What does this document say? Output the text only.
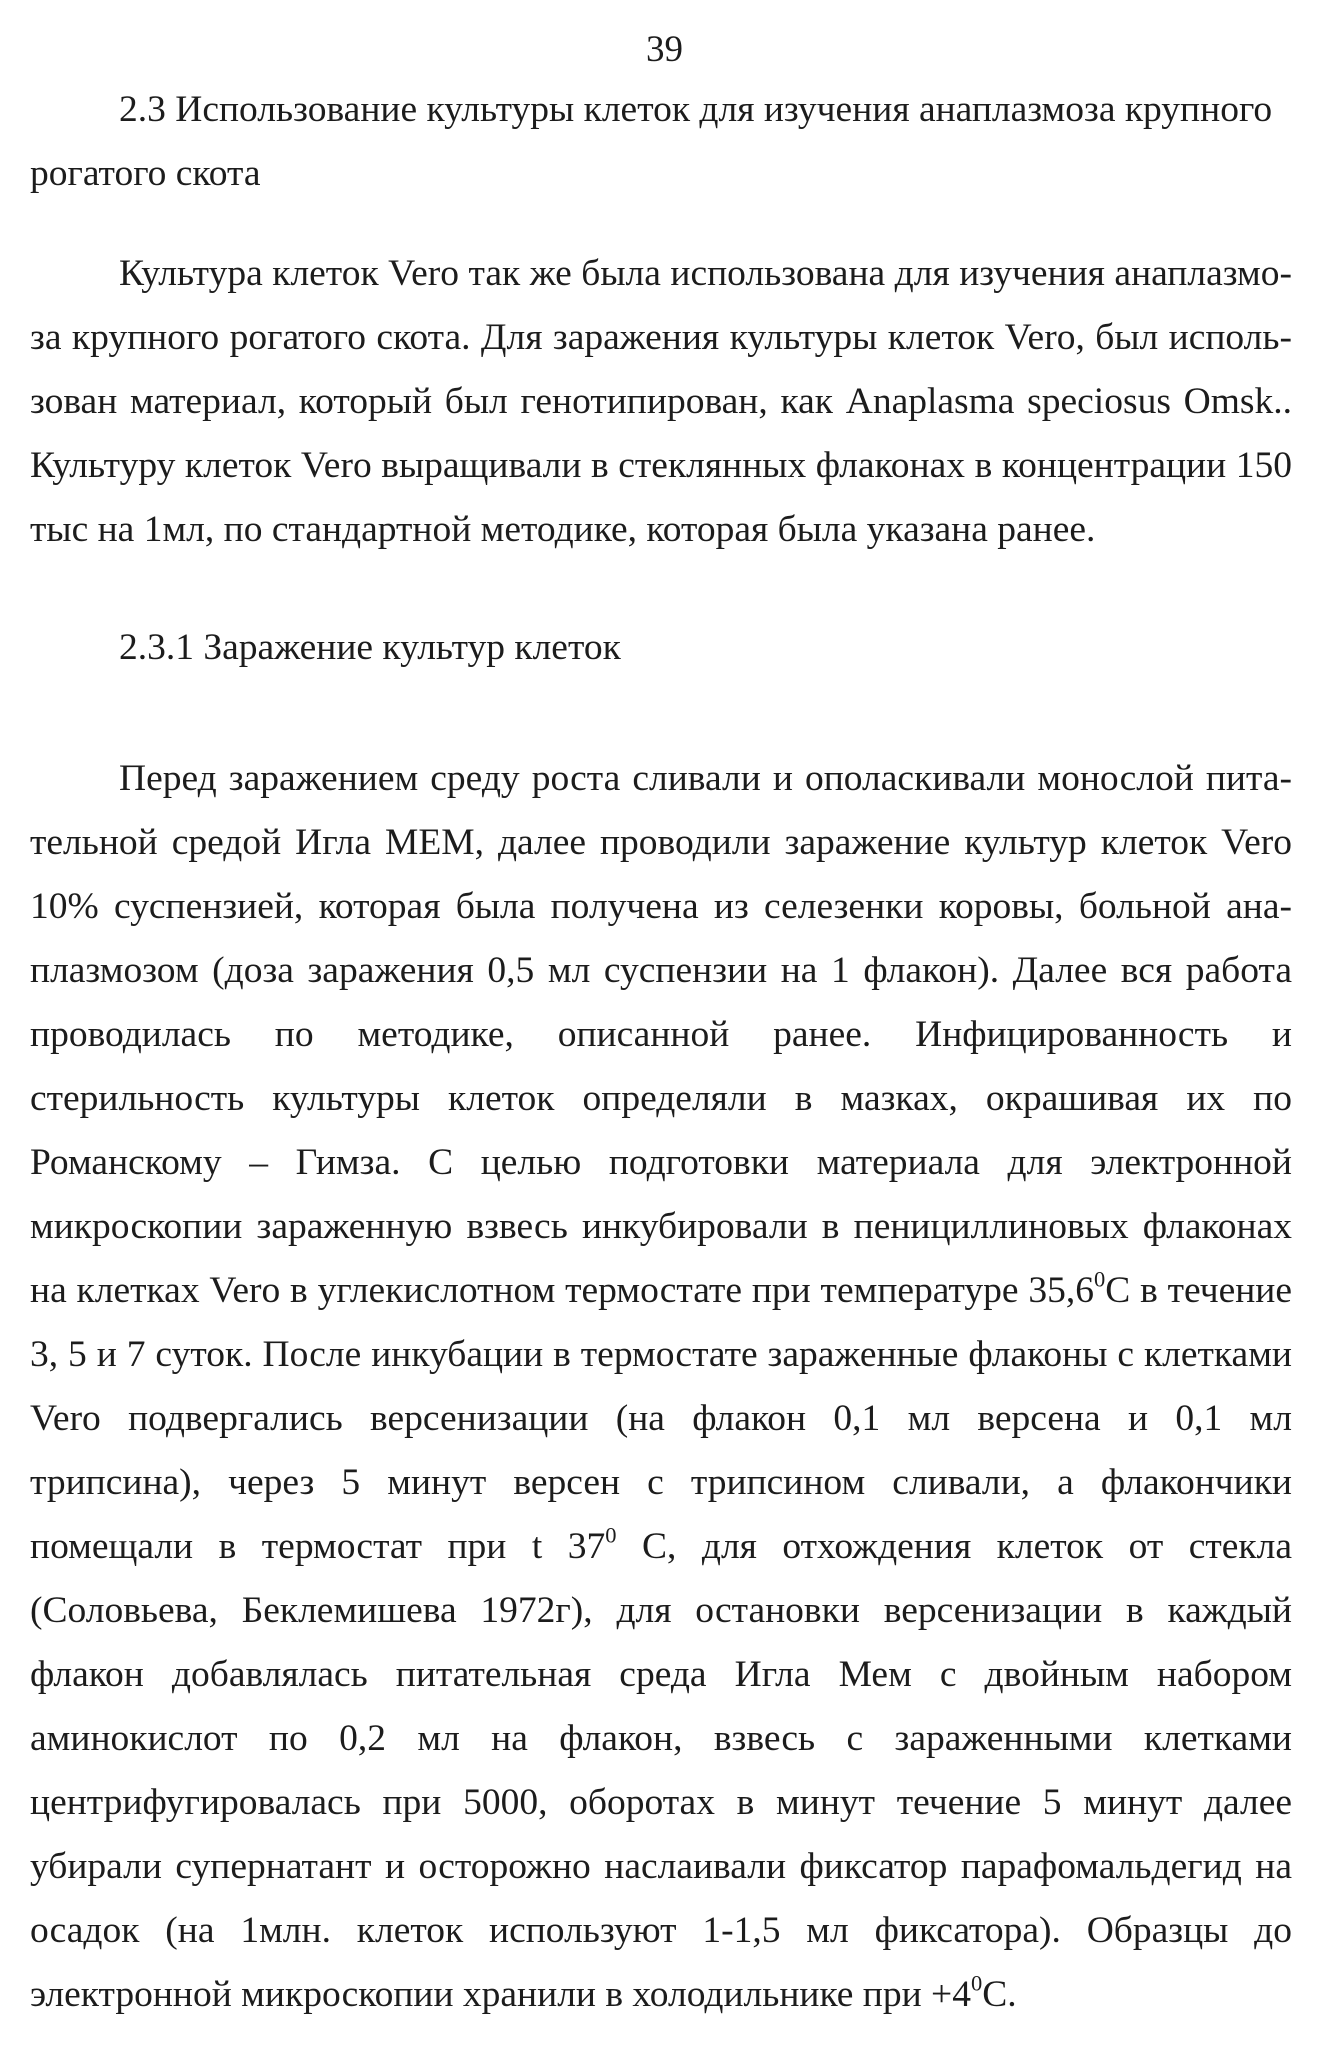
39

2.3 Использование культуры клеток для изучения анаплазмоза крупного рогатого скота

Культура клеток Vero так же была использована для изучения анаплазмоза крупного рогатого скота. Для заражения культуры клеток Vero, был использован материал, который был генотипирован, как Anaplasma speciosus Omsk.. Культуру клеток Vero выращивали в стеклянных флаконах в концентрации 150 тыс на 1мл, по стандартной методике, которая была указана ранее.

2.3.1 Заражение культур клеток

Перед заражением среду роста сливали и ополаскивали монослой питательной средой Игла МЕМ, далее проводили заражение культур клеток Vero 10% суспензией, которая была получена из селезенки коровы, больной анаплазмозом (доза заражения 0,5 мл суспензии на 1 флакон). Далее вся работа проводилась по методике, описанной ранее. Инфицированность и стерильность культуры клеток определяли в мазках, окрашивая их по Романскому – Гимза. С целью подготовки материала для электронной микроскопии зараженную взвесь инкубировали в пенициллиновых флаконах на клетках Vero в углекислотном термостате при температуре 35,6$^0$С в течение 3, 5 и 7 суток. После инкубации в термостате зараженные флаконы с клетками Vero подвергались версенизации (на флакон 0,1 мл версена и 0,1 мл трипсина), через 5 минут версен с трипсином сливали, а флакончики помещали в термостат при t $37^0$ С, для отхождения клеток от стекла (Соловьева, Беклемишева 1972г), для остановки версенизации в каждый флакон добавлялась питательная среда Игла Мем с двойным набором аминокислот по 0,2 мл на флакон, взвесь с зараженными клетками центрифугировалась при 5000, оборотах в минут течение 5 минут далее убирали супернатант и осторожно наслаивали фиксатор парафомальдегид на осадок (на 1млн. клеток используют 1-1,5 мл фиксатора). Образцы до электронной микроскопии хранили в холодильнике при $+4^0С$.
